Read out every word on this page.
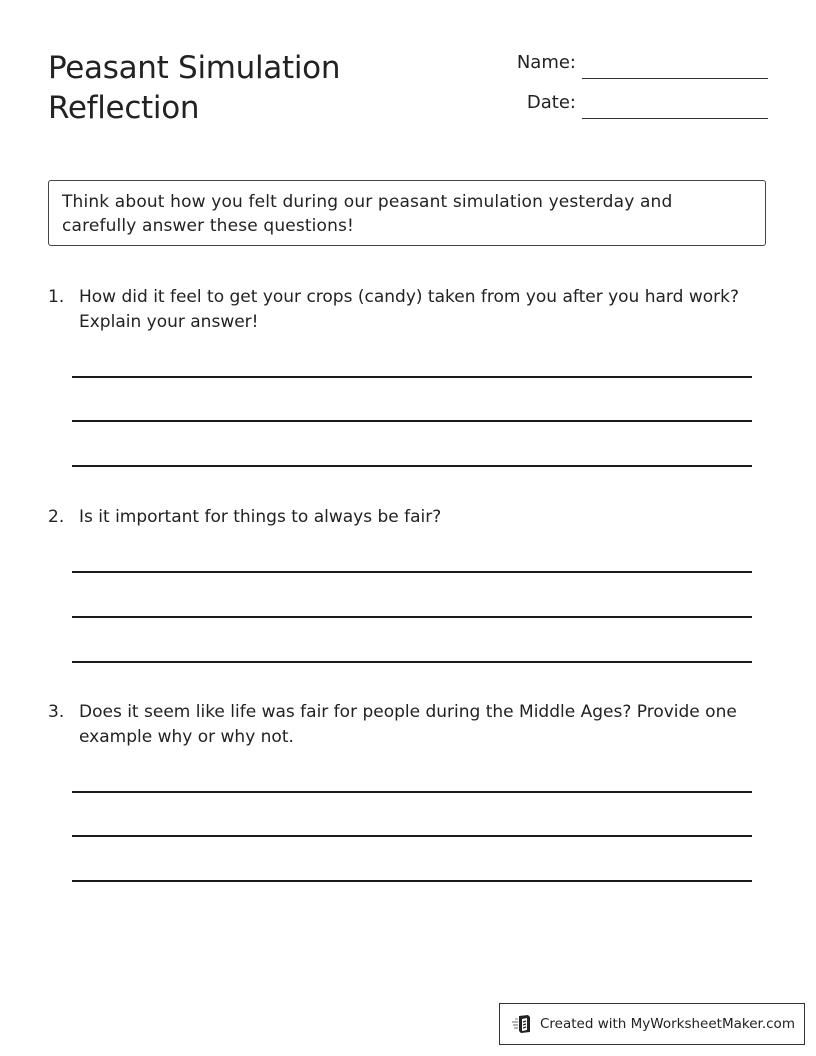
Peasant Simulation
Reflection
Name:
Date:
Think about how you felt during our peasant simulation yesterday and carefully answer these questions!
1. How did it feel to get your crops (candy) taken from you after you hard work? Explain your answer!
2. Is it important for things to always be fair?
3. Does it seem like life was fair for people during the Middle Ages? Provide one example why or why not.
Created with MyWorksheetMaker.com
